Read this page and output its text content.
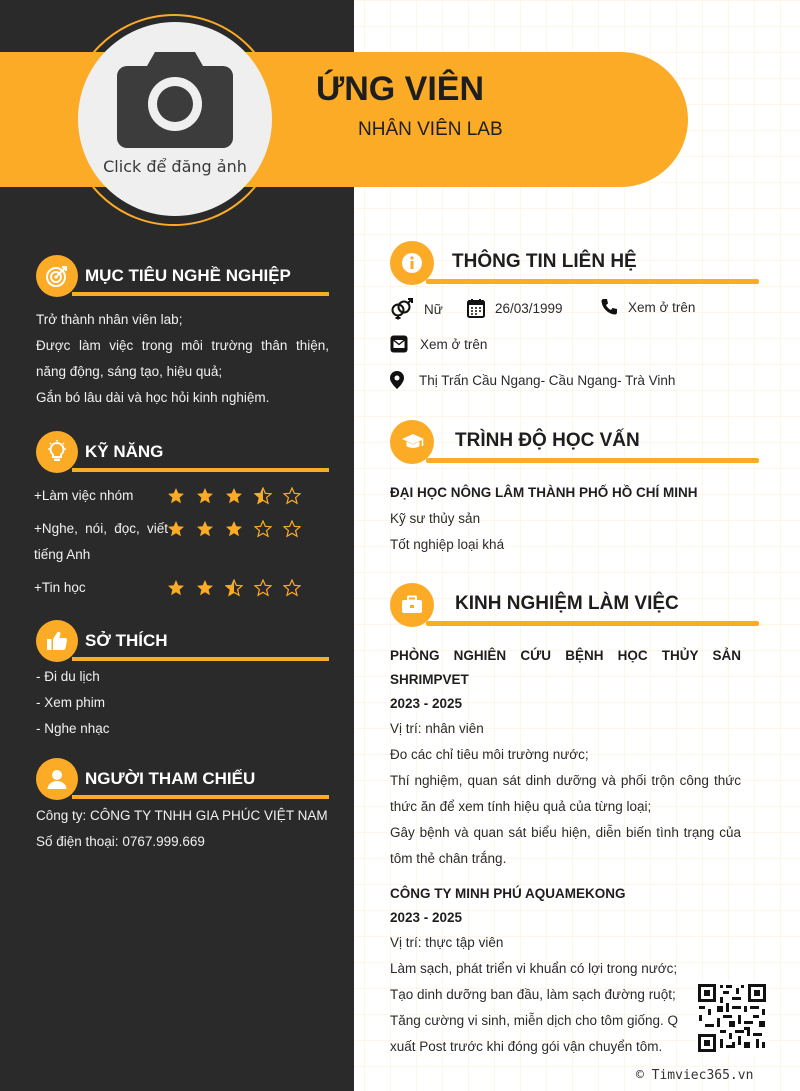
Click để đăng ảnh
ỨNG VIÊN
NHÂN VIÊN LAB
MỤC TIÊU NGHỀ NGHIỆP

Trở thành nhân viên lab;

Được làm việc trong môi trường thân thiện, năng động, sáng tạo, hiệu quả;

Gắn bó lâu dài và học hỏi kinh nghiệm.

KỸ NĂNG
+Làm việc nhóm
+Nghe, nói, đọc, viết tiếng Anh
+Tin học
SỞ THÍCH
- Đi du lịch
- Xem phim
- Nghe nhạc
NGƯỜI THAM CHIẾU
Công ty: CÔNG TY TNHH GIA PHÚC VIỆT NAM
Số điện thoại: 0767.999.669
THÔNG TIN LIÊN HỆ
Nữ	26/03/1999	Xem ở trên
Xem ở trên
Thị Trấn Cầu Ngang- Cầu Ngang- Trà Vinh
TRÌNH ĐỘ HỌC VẤN
ĐẠI HỌC NÔNG LÂM THÀNH PHỐ HỒ CHÍ MINH
Kỹ sư thủy sản
Tốt nghiệp loại khá
KINH NGHIỆM LÀM VIỆC
PHÒNG NGHIÊN CỨU BỆNH HỌC THỦY SẢN SHRIMPVET
2023 - 2025
Vị trí: nhân viên
Đo các chỉ tiêu môi trường nước;
Thí nghiệm, quan sát dinh dưỡng và phối trộn công thức thức ăn để xem tính hiệu quả của từng loại;
Gây bệnh và quan sát biểu hiện, diễn biến tình trạng của tôm thẻ chân trắng.
CÔNG TY MINH PHÚ AQUAMEKONG
2023 - 2025
Vị trí: thực tập viên
Làm sạch, phát triển vi khuẩn có lợi trong nước;
Tạo dinh dưỡng ban đầu, làm sạch đường ruột;
Tăng cường vi sinh, miễn dịch cho tôm giống. Q
xuất Post trước khi đóng gói vận chuyển tôm.
© Timviec365.vn
